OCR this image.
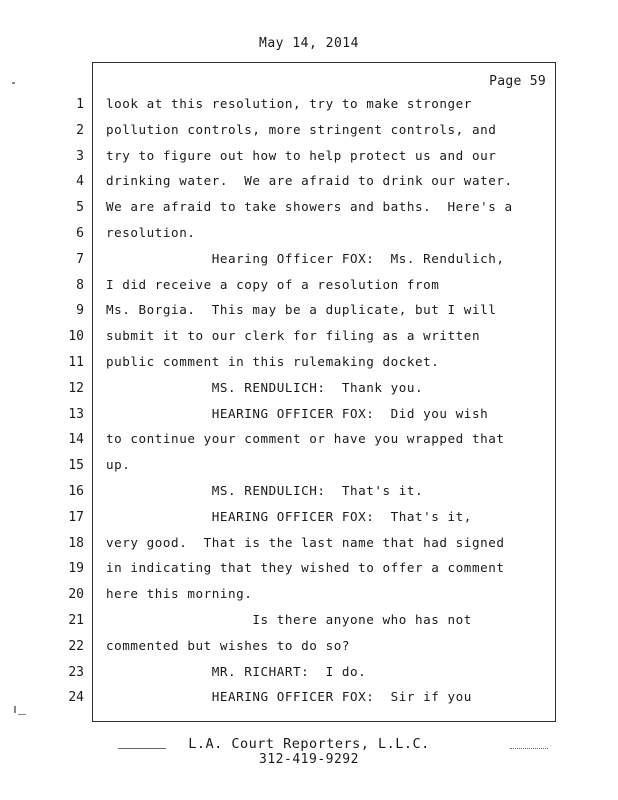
May 14, 2014
Page 59
1 look at this resolution, try to make stronger
2 pollution controls, more stringent controls, and
3 try to figure out how to help protect us and our
4 drinking water.  We are afraid to drink our water.
5 We are afraid to take showers and baths.  Here's a
6 resolution.
7 Hearing Officer FOX:  Ms. Rendulich,
8 I did receive a copy of a resolution from
9 Ms. Borgia.  This may be a duplicate, but I will
10 submit it to our clerk for filing as a written
11 public comment in this rulemaking docket.
12 MS. RENDULICH:  Thank you.
13 HEARING OFFICER FOX:  Did you wish
14 to continue your comment or have you wrapped that
15 up.
16 MS. RENDULICH:  That's it.
17 HEARING OFFICER FOX:  That's it,
18 very good.  That is the last name that had signed
19 in indicating that they wished to offer a comment
20 here this morning.
21 Is there anyone who has not
22 commented but wishes to do so?
23 MR. RICHART:  I do.
24 HEARING OFFICER FOX:  Sir if you
L.A. Court Reporters, L.L.C.
312-419-9292
